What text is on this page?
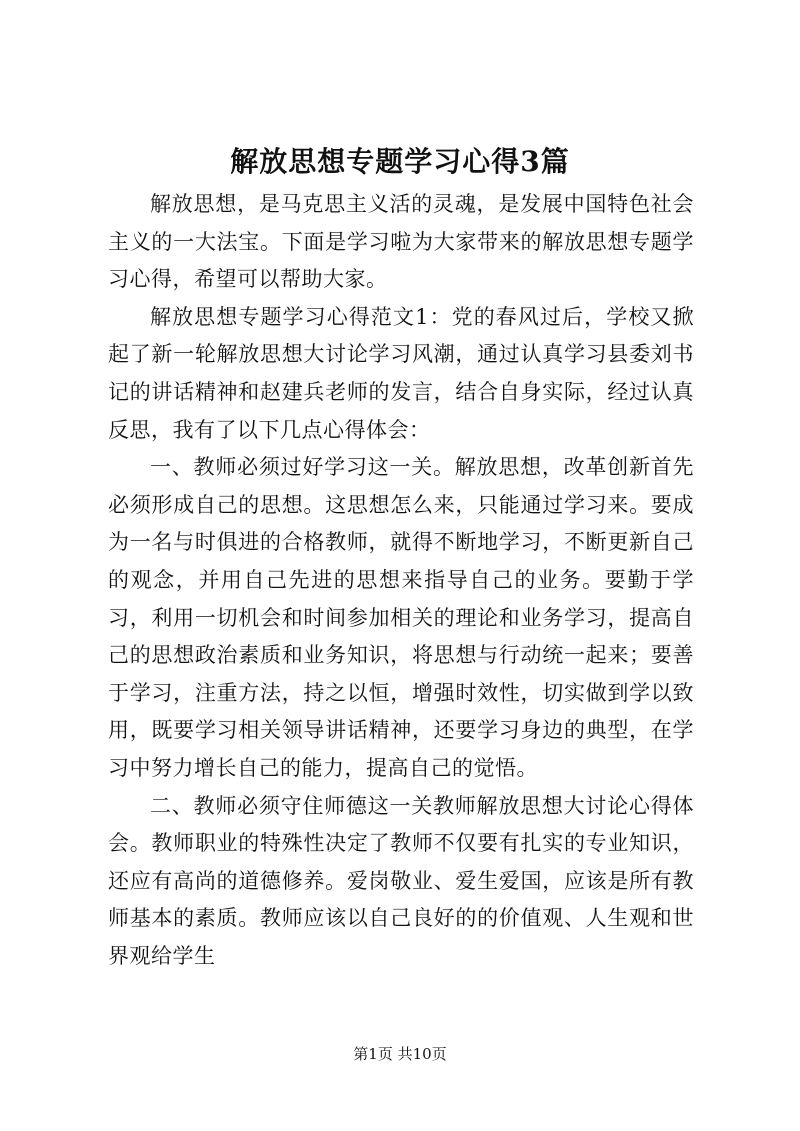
解放思想专题学习心得3篇

解放思想，是马克思主义活的灵魂，是发展中国特色社会主义的一大法宝。下面是学习啦为大家带来的解放思想专题学习心得，希望可以帮助大家。

解放思想专题学习心得范文1：党的春风过后，学校又掀起了新一轮解放思想大讨论学习风潮，通过认真学习县委刘书记的讲话精神和赵建兵老师的发言，结合自身实际，经过认真反思，我有了以下几点心得体会：

一、教师必须过好学习这一关。解放思想，改革创新首先必须形成自己的思想。这思想怎么来，只能通过学习来。要成为一名与时俱进的合格教师，就得不断地学习，不断更新自己的观念，并用自己先进的思想来指导自己的业务。要勤于学习，利用一切机会和时间参加相关的理论和业务学习，提高自己的思想政治素质和业务知识，将思想与行动统一起来；要善于学习，注重方法，持之以恒，增强时效性，切实做到学以致用，既要学习相关领导讲话精神，还要学习身边的典型，在学习中努力增长自己的能力，提高自己的觉悟。

二、教师必须守住师德这一关教师解放思想大讨论心得体会。教师职业的特殊性决定了教师不仅要有扎实的专业知识，还应有高尚的道德修养。爱岗敬业、爱生爱国，应该是所有教师基本的素质。教师应该以自己良好的的价值观、人生观和世界观给学生

第1页 共10页
